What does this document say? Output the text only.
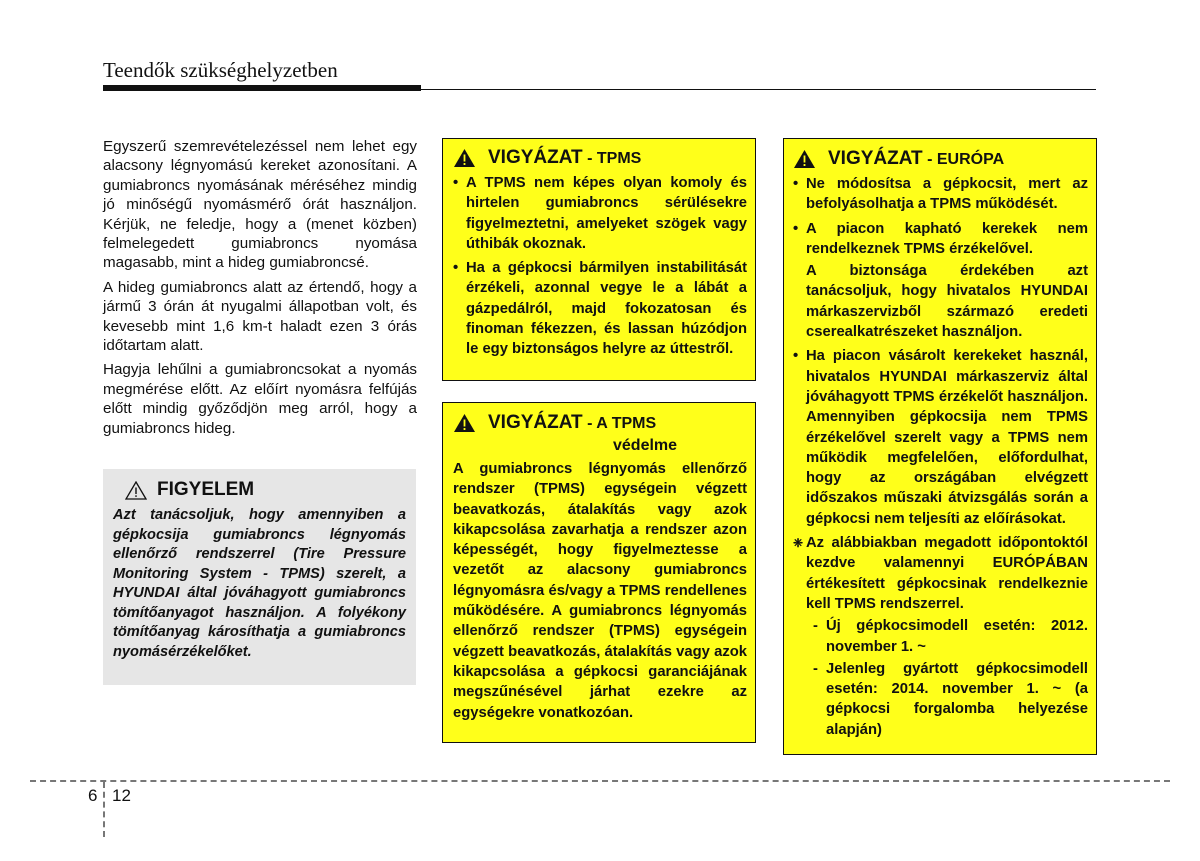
Teendők szükséghelyzetben

Egyszerű szemrevételezéssel nem lehet egy alacsony légnyomású kereket azonosítani. A gumiabroncs nyomásának méréséhez mindig jó minőségű nyomásmérő órát használjon. Kérjük, ne feledje, hogy a (menet közben) felmelegedett gumiabroncs nyomása magasabb, mint a hideg gumiabroncsé.

A hideg gumiabroncs alatt az értendő, hogy a jármű 3 órán át nyugalmi állapotban volt, és kevesebb mint 1,6 km-t haladt ezen 3 órás időtartam alatt.

Hagyja lehűlni a gumiabroncsokat a nyomás megmérése előtt. Az előírt nyomásra felfújás előtt mindig győződjön meg arról, hogy a gumiabroncs hideg.

FIGYELEM
Azt tanácsoljuk, hogy amennyiben a gépkocsija gumiabroncs légnyomás ellenőrző rendszerrel (Tire Pressure Monitoring System - TPMS) szerelt, a HYUNDAI által jóváhagyott gumiabroncs tömítőanyagot használjon. A folyékony tömítőanyag károsíthatja a gumiabroncs nyomásérzékelőket.
VIGYÁZAT - TPMS
• A TPMS nem képes olyan komoly és hirtelen gumiabroncs sérülésekre figyelmeztetni, amelyeket szögek vagy úthibák okoznak.
• Ha a gépkocsi bármilyen instabilitását érzékeli, azonnal vegye le a lábát a gázpedálról, majd fokozatosan és finoman fékezzen, és lassan húzódjon le egy biztonságos helyre az úttestről.
VIGYÁZAT - A TPMS
védelme
A gumiabroncs légnyomás ellenőrző rendszer (TPMS) egységein végzett beavatkozás, átalakítás vagy azok kikapcsolása zavarhatja a rendszer azon képességét, hogy figyelmeztesse a vezetőt az alacsony gumiabroncs légnyomásra és/vagy a TPMS rendellenes működésére. A gumiabroncs légnyomás ellenőrző rendszer (TPMS) egységein végzett beavatkozás, átalakítás vagy azok kikapcsolása a gépkocsi garanciájának megszűnésével járhat ezekre az egységekre vonatkozóan.
VIGYÁZAT - EURÓPA
• Ne módosítsa a gépkocsit, mert az befolyásolhatja a TPMS működését.
• A piacon kapható kerekek nem rendelkeznek TPMS érzékelővel.
A biztonsága érdekében azt tanácsoljuk, hogy hivatalos HYUNDAI márkaszervizből származó eredeti cserealkatrészeket használjon.
• Ha piacon vásárolt kerekeket használ, hivatalos HYUNDAI márkaszerviz által jóváhagyott TPMS érzékelőt használjon. Amennyiben gépkocsija nem TPMS érzékelővel szerelt vagy a TPMS nem működik megfelelően, előfordulhat, hogy az országában elvégzett időszakos műszaki átvizsgálás során a gépkocsi nem teljesíti az előírásokat.
❈ Az alábbiakban megadott időpontoktól kezdve valamennyi EURÓPÁBAN értékesített gépkocsinak rendelkeznie kell TPMS rendszerrel.
- Új gépkocsimodell esetén: 2012. november 1. ~
- Jelenleg gyártott gépkocsimodell esetén: 2014. november 1. ~ (a gépkocsi forgalomba helyezése alapján)
6 12
